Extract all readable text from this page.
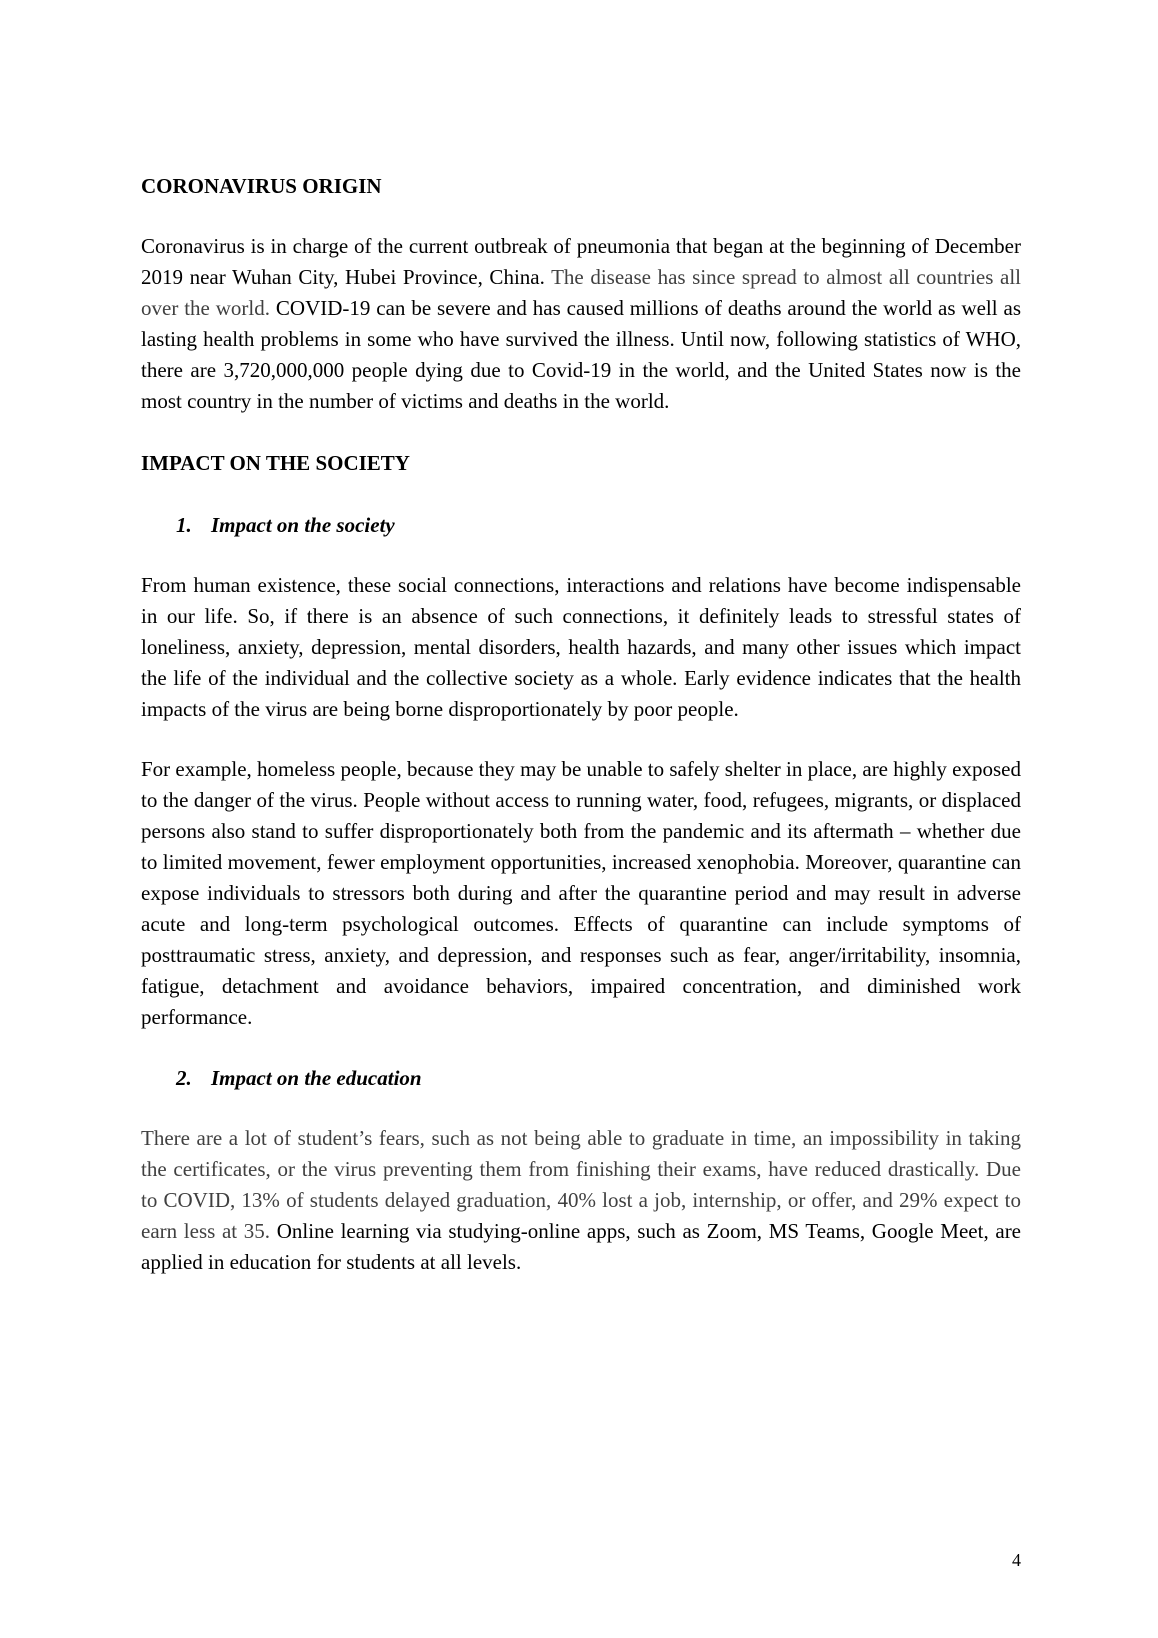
CORONAVIRUS ORIGIN

Coronavirus is in charge of the current outbreak of pneumonia that began at the beginning of December 2019 near Wuhan City, Hubei Province, China. The disease has since spread to almost all countries all over the world. COVID-19 can be severe and has caused millions of deaths around the world as well as lasting health problems in some who have survived the illness. Until now, following statistics of WHO, there are 3,720,000,000 people dying due to Covid-19 in the world, and the United States now is the most country in the number of victims and deaths in the world.

IMPACT ON THE SOCIETY
1. Impact on the society

From human existence, these social connections, interactions and relations have become indispensable in our life. So, if there is an absence of such connections, it definitely leads to stressful states of loneliness, anxiety, depression, mental disorders, health hazards, and many other issues which impact the life of the individual and the collective society as a whole. Early evidence indicates that the health impacts of the virus are being borne disproportionately by poor people.

For example, homeless people, because they may be unable to safely shelter in place, are highly exposed to the danger of the virus. People without access to running water, food, refugees, migrants, or displaced persons also stand to suffer disproportionately both from the pandemic and its aftermath – whether due to limited movement, fewer employment opportunities, increased xenophobia. Moreover, quarantine can expose individuals to stressors both during and after the quarantine period and may result in adverse acute and long-term psychological outcomes. Effects of quarantine can include symptoms of posttraumatic stress, anxiety, and depression, and responses such as fear, anger/irritability, insomnia, fatigue, detachment and avoidance behaviors, impaired concentration, and diminished work performance.

2. Impact on the education

There are a lot of student’s fears, such as not being able to graduate in time, an impossibility in taking the certificates, or the virus preventing them from finishing their exams, have reduced drastically. Due to COVID, 13% of students delayed graduation, 40% lost a job, internship, or offer, and 29% expect to earn less at 35. Online learning via studying-online apps, such as Zoom, MS Teams, Google Meet, are applied in education for students at all levels.

4
